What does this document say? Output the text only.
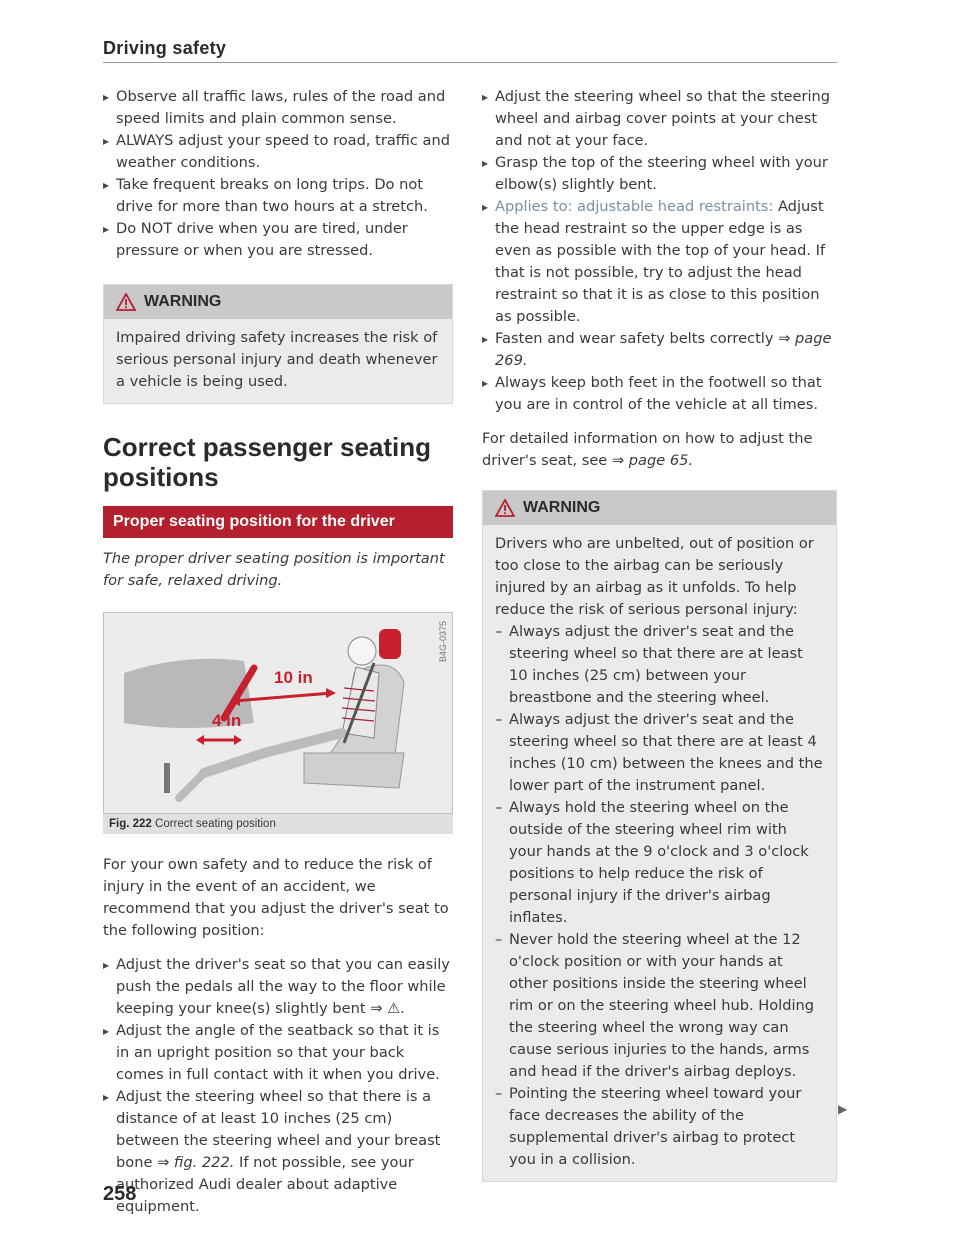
Driving safety
▸ Observe all traffic laws, rules of the road and speed limits and plain common sense.
▸ ALWAYS adjust your speed to road, traffic and weather conditions.
▸ Take frequent breaks on long trips. Do not drive for more than two hours at a stretch.
▸ Do NOT drive when you are tired, under pressure or when you are stressed.
WARNING
Impaired driving safety increases the risk of serious personal injury and death whenever a vehicle is being used.
Correct passenger seating positions
Proper seating position for the driver
The proper driver seating position is important for safe, relaxed driving.
10 in
4 in
B4G-0375
Fig. 222 Correct seating position

For your own safety and to reduce the risk of injury in the event of an accident, we recommend that you adjust the driver's seat to the following position:

▸ Adjust the driver's seat so that you can easily push the pedals all the way to the floor while keeping your knee(s) slightly bent ⇒ ⚠.
▸ Adjust the angle of the seatback so that it is in an upright position so that your back comes in full contact with it when you drive.
▸ Adjust the steering wheel so that there is a distance of at least 10 inches (25 cm) between the steering wheel and your breast bone ⇒ fig. 222. If not possible, see your authorized Audi dealer about adaptive equipment.
▸ Adjust the steering wheel so that the steering wheel and airbag cover points at your chest and not at your face.
▸ Grasp the top of the steering wheel with your elbow(s) slightly bent.
▸ Applies to: adjustable head restraints: Adjust the head restraint so the upper edge is as even as possible with the top of your head. If that is not possible, try to adjust the head restraint so that it is as close to this position as possible.
▸ Fasten and wear safety belts correctly ⇒ page 269.
▸ Always keep both feet in the footwell so that you are in control of the vehicle at all times.

For detailed information on how to adjust the driver's seat, see ⇒ page 65.

WARNING
Drivers who are unbelted, out of position or too close to the airbag can be seriously injured by an airbag as it unfolds. To help reduce the risk of serious personal injury:
– Always adjust the driver's seat and the steering wheel so that there are at least 10 inches (25 cm) between your breastbone and the steering wheel.
– Always adjust the driver's seat and the steering wheel so that there are at least 4 inches (10 cm) between the knees and the lower part of the instrument panel.
– Always hold the steering wheel on the outside of the steering wheel rim with your hands at the 9 o'clock and 3 o'clock positions to help reduce the risk of personal injury if the driver's airbag inflates.
– Never hold the steering wheel at the 12 o'clock position or with your hands at other positions inside the steering wheel rim or on the steering wheel hub. Holding the steering wheel the wrong way can cause serious injuries to the hands, arms and head if the driver's airbag deploys.
– Pointing the steering wheel toward your face decreases the ability of the supplemental driver's airbag to protect you in a collision.
▶
258
